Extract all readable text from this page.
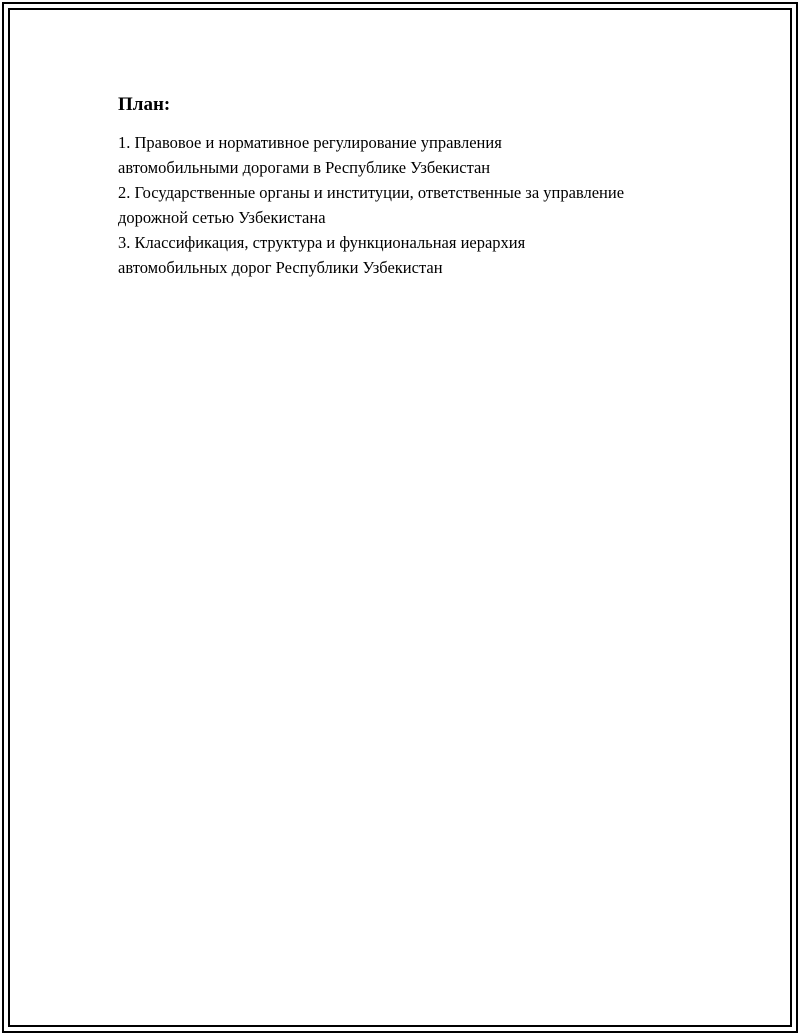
План:
1. Правовое и нормативное регулирование управления
автомобильными дорогами в Республике Узбекистан
2. Государственные органы и институции, ответственные за управление
дорожной сетью Узбекистана
3. Классификация, структура и функциональная иерархия
автомобильных дорог Республики Узбекистан
